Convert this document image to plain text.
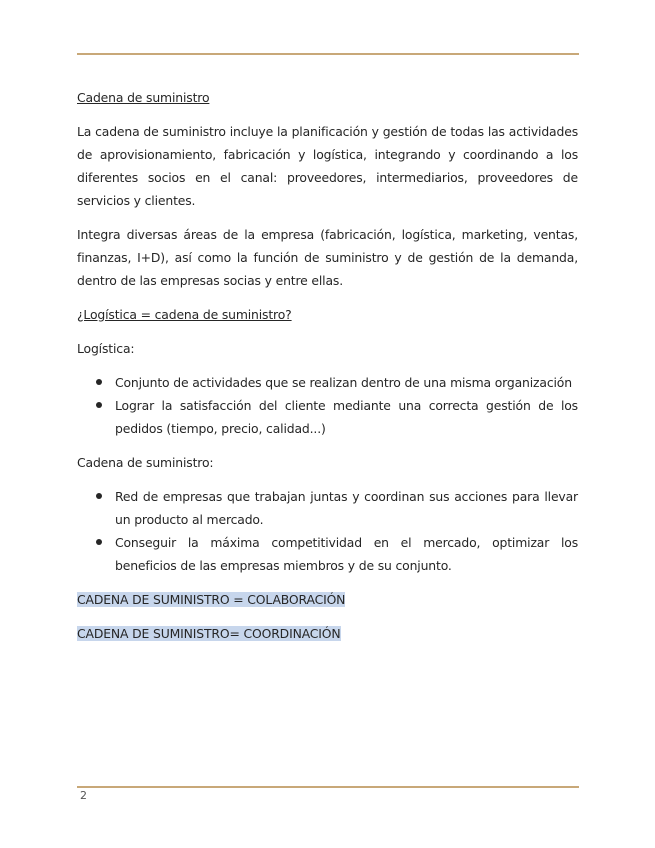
Cadena de suministro

La cadena de suministro incluye la planificación y gestión de todas las actividades de aprovisionamiento, fabricación y logística, integrando y coordinando a los diferentes socios en el canal: proveedores, intermediarios, proveedores de servicios y clientes.

Integra diversas áreas de la empresa (fabricación, logística, marketing, ventas, finanzas, I+D), así como la función de suministro y de gestión de la demanda, dentro de las empresas socias y entre ellas.

¿Logística = cadena de suministro?

Logística:

Conjunto de actividades que se realizan dentro de una misma organización
Lograr la satisfacción del cliente mediante una correcta gestión de los pedidos (tiempo, precio, calidad...)

Cadena de suministro:

Red de empresas que trabajan juntas y coordinan sus acciones para llevar un producto al mercado.
Conseguir la máxima competitividad en el mercado, optimizar los beneficios de las empresas miembros y de su conjunto.
CADENA DE SUMINISTRO = COLABORACIÓN
CADENA DE SUMINISTRO= COORDINACIÓN
2
